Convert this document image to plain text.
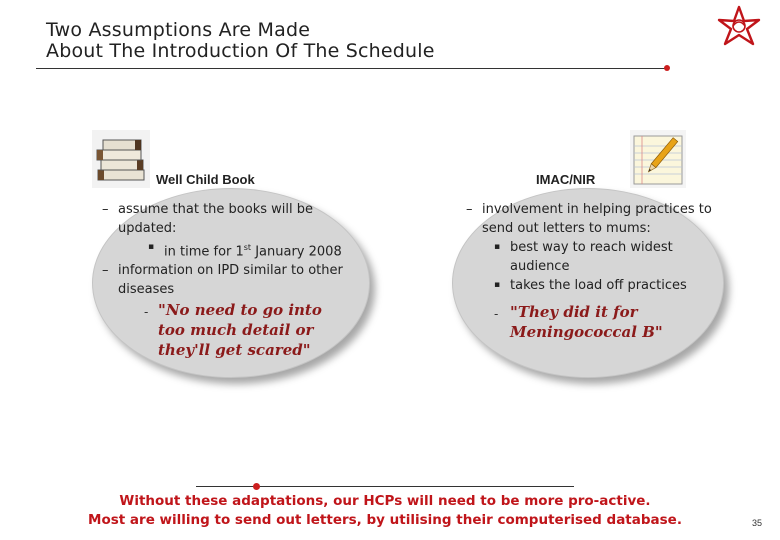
Two Assumptions Are Made
About The Introduction Of The Schedule
Well Child Book
– assume that the books will be updated:
▪ in time for 1st January 2008
– information on IPD similar to other diseases
- "No need to go into too much detail or they'll get scared"
IMAC/NIR
– involvement in helping practices to send out letters to mums:
▪ best way to reach widest audience
▪ takes the load off practices
- "They did it for Meningococcal B"
Without these adaptations, our HCPs will need to be more pro-active.
Most are willing to send out letters, by utilising their computerised database.	35
